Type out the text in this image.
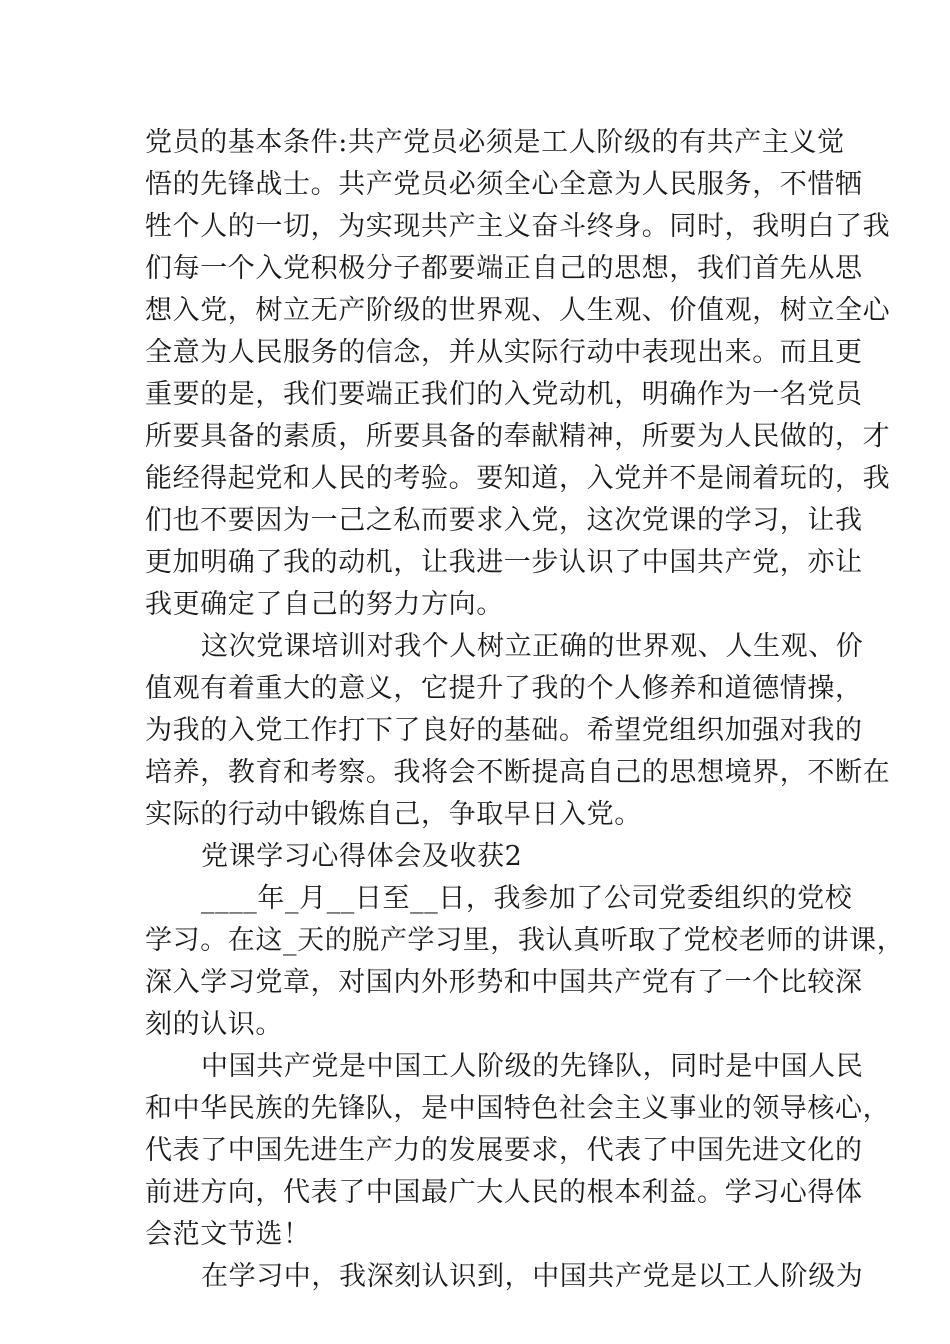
党员的基本条件:共产党员必须是工人阶级的有共产主义觉
悟的先锋战士。共产党员必须全心全意为人民服务，不惜牺
牲个人的一切，为实现共产主义奋斗终身。同时，我明白了我
们每一个入党积极分子都要端正自己的思想，我们首先从思
想入党，树立无产阶级的世界观、人生观、价值观，树立全心
全意为人民服务的信念，并从实际行动中表现出来。而且更
重要的是，我们要端正我们的入党动机，明确作为一名党员
所要具备的素质，所要具备的奉献精神，所要为人民做的，才
能经得起党和人民的考验。要知道，入党并不是闹着玩的，我
们也不要因为一己之私而要求入党，这次党课的学习，让我
更加明确了我的动机，让我进一步认识了中国共产党，亦让
我更确定了自己的努力方向。
这次党课培训对我个人树立正确的世界观、人生观、价
值观有着重大的意义，它提升了我的个人修养和道德情操，
为我的入党工作打下了良好的基础。希望党组织加强对我的
培养，教育和考察。我将会不断提高自己的思想境界，不断在
实际的行动中锻炼自己，争取早日入党。
党课学习心得体会及收获2
____年_月__日至__日，我参加了公司党委组织的党校
学习。在这_天的脱产学习里，我认真听取了党校老师的讲课，
深入学习党章，对国内外形势和中国共产党有了一个比较深
刻的认识。
中国共产党是中国工人阶级的先锋队，同时是中国人民
和中华民族的先锋队，是中国特色社会主义事业的领导核心，
代表了中国先进生产力的发展要求，代表了中国先进文化的
前进方向，代表了中国最广大人民的根本利益。学习心得体
会范文节选！
在学习中，我深刻认识到，中国共产党是以工人阶级为
